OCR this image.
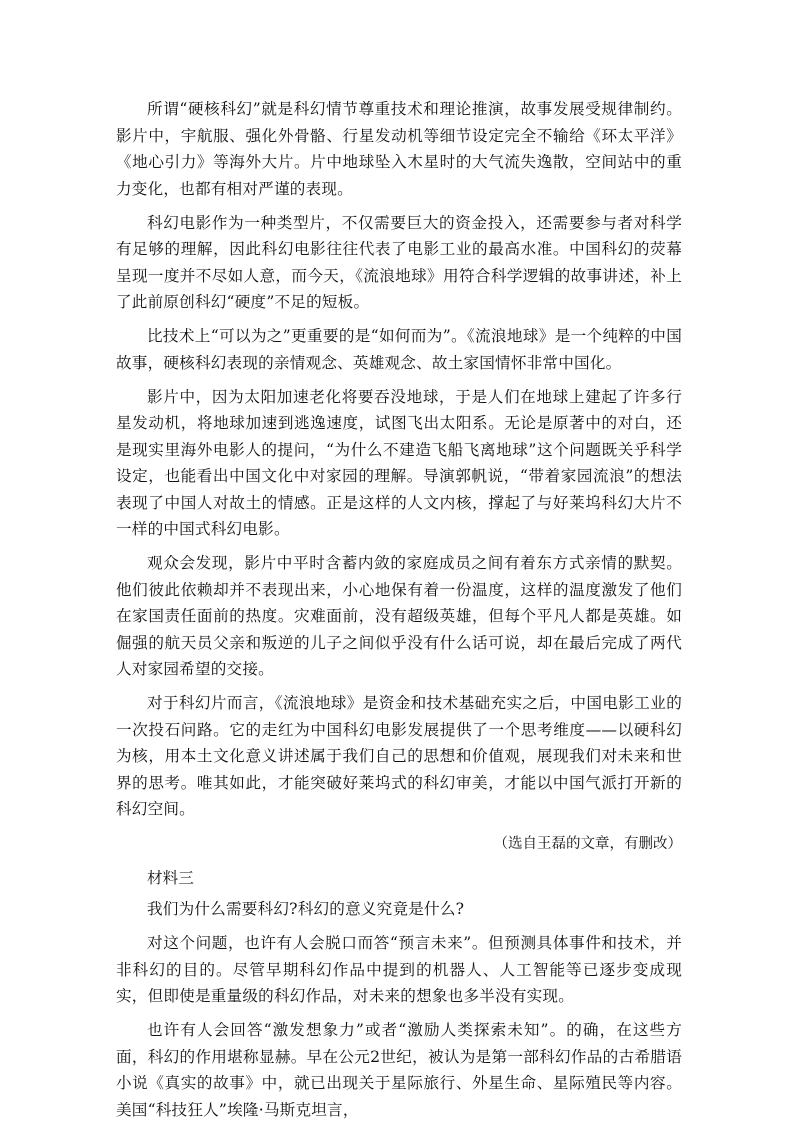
所谓“硬核科幻”就是科幻情节尊重技术和理论推演，故事发展受规律制约。影片中，宇航服、强化外骨骼、行星发动机等细节设定完全不输给《环太平洋》《地心引力》等海外大片。片中地球坠入木星时的大气流失逸散，空间站中的重力变化，也都有相对严谨的表现。

科幻电影作为一种类型片，不仅需要巨大的资金投入，还需要参与者对科学有足够的理解，因此科幻电影往往代表了电影工业的最高水准。中国科幻的荧幕呈现一度并不尽如人意，而今天，《流浪地球》用符合科学逻辑的故事讲述，补上了此前原创科幻“硬度”不足的短板。

比技术上“可以为之”更重要的是“如何而为”。《流浪地球》是一个纯粹的中国故事，硬核科幻表现的亲情观念、英雄观念、故土家国情怀非常中国化。

影片中，因为太阳加速老化将要吞没地球，于是人们在地球上建起了许多行星发动机，将地球加速到逃逸速度，试图飞出太阳系。无论是原著中的对白，还是现实里海外电影人的提问，“为什么不建造飞船飞离地球”这个问题既关乎科学设定，也能看出中国文化中对家园的理解。导演郭帆说，“带着家园流浪”的想法表现了中国人对故土的情感。正是这样的人文内核，撑起了与好莱坞科幻大片不一样的中国式科幻电影。

观众会发现，影片中平时含蓄内敛的家庭成员之间有着东方式亲情的默契。他们彼此依赖却并不表现出来，小心地保有着一份温度，这样的温度激发了他们在家国责任面前的热度。灾难面前，没有超级英雄，但每个平凡人都是英雄。如倔强的航天员父亲和叛逆的儿子之间似乎没有什么话可说，却在最后完成了两代人对家园希望的交接。

对于科幻片而言，《流浪地球》是资金和技术基础充实之后，中国电影工业的一次投石问路。它的走红为中国科幻电影发展提供了一个思考维度——以硬科幻为核，用本土文化意义讲述属于我们自己的思想和价值观，展现我们对未来和世界的思考。唯其如此，才能突破好莱坞式的科幻审美，才能以中国气派打开新的科幻空间。

（选自王磊的文章，有删改）

材料三

我们为什么需要科幻?科幻的意义究竟是什么?

对这个问题，也许有人会脱口而答“预言未来”。但预测具体事件和技术，并非科幻的目的。尽管早期科幻作品中提到的机器人、人工智能等已逐步变成现实，但即使是重量级的科幻作品，对未来的想象也多半没有实现。

也许有人会回答“激发想象力”或者“激励人类探索未知”。的确，在这些方面，科幻的作用堪称显赫。早在公元2世纪，被认为是第一部科幻作品的古希腊语小说《真实的故事》中，就已出现关于星际旅行、外星生命、星际殖民等内容。美国“科技狂人”埃隆·马斯克坦言，
